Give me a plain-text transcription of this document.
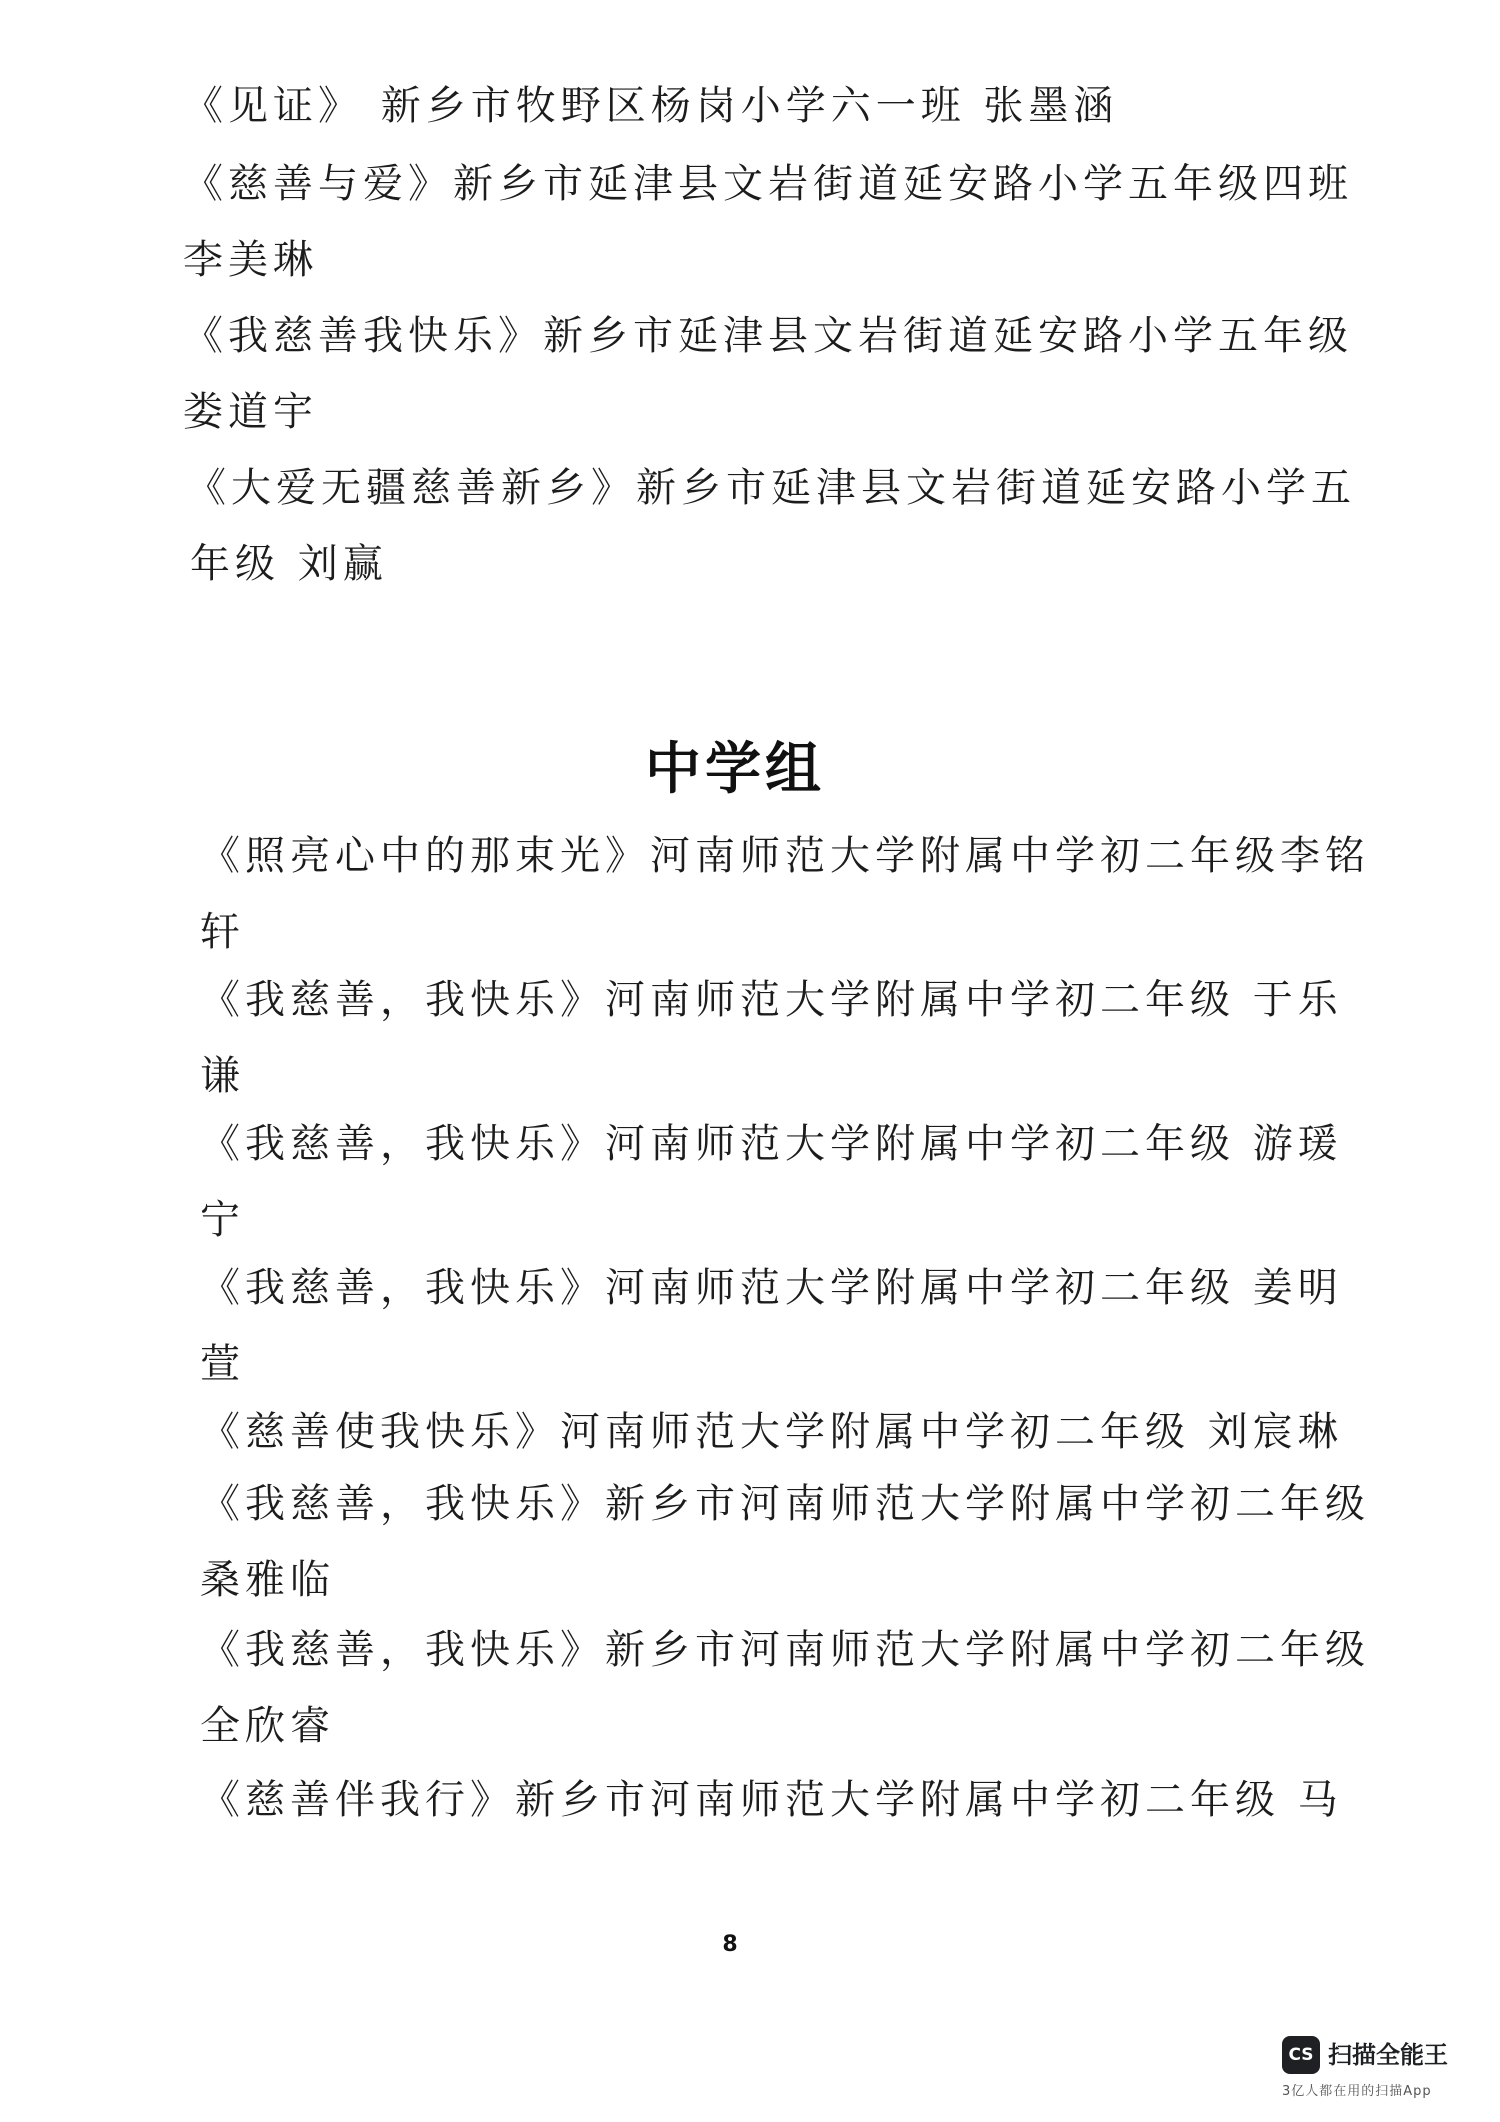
《见证》 新乡市牧野区杨岗小学六一班 张墨涵
《慈善与爱》新乡市延津县文岩街道延安路小学五年级四班
李美琳
《我慈善我快乐》新乡市延津县文岩街道延安路小学五年级
娄道宇
《大爱无疆慈善新乡》新乡市延津县文岩街道延安路小学五
年级 刘赢
中学组
《照亮心中的那束光》河南师范大学附属中学初二年级李铭
轩
《我慈善，我快乐》河南师范大学附属中学初二年级 于乐
谦
《我慈善，我快乐》河南师范大学附属中学初二年级 游瑗
宁
《我慈善，我快乐》河南师范大学附属中学初二年级 姜明
萱
《慈善使我快乐》河南师范大学附属中学初二年级 刘宸琳
《我慈善，我快乐》新乡市河南师范大学附属中学初二年级
桑雅临
《我慈善，我快乐》新乡市河南师范大学附属中学初二年级
全欣睿
《慈善伴我行》新乡市河南师范大学附属中学初二年级 马
8
CS 扫描全能王
3亿人都在用的扫描App
